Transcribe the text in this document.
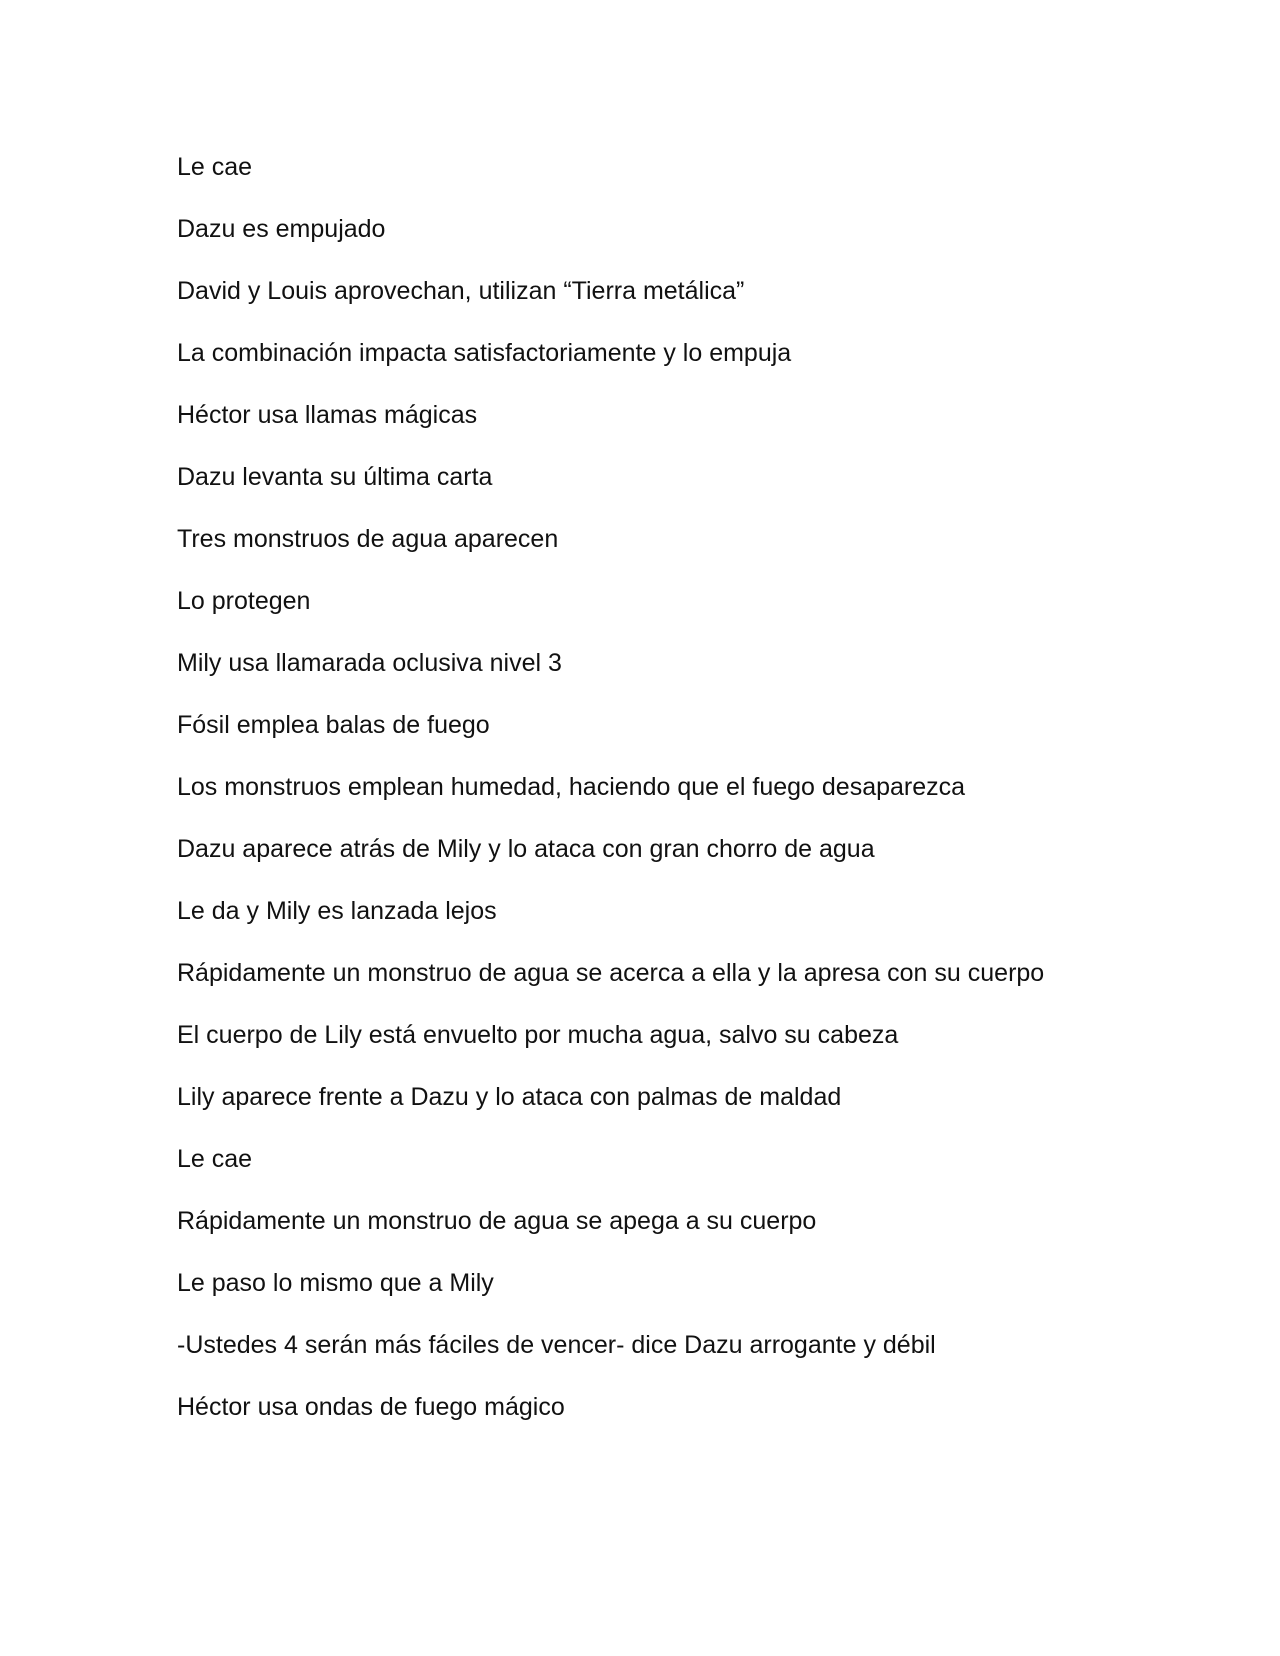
Le cae

Dazu es empujado

David y Louis aprovechan, utilizan “Tierra metálica”

La combinación impacta satisfactoriamente y lo empuja

Héctor usa llamas mágicas

Dazu levanta su última carta

Tres monstruos de agua aparecen

Lo protegen

Mily usa llamarada oclusiva nivel 3

Fósil emplea balas de fuego

Los monstruos emplean humedad, haciendo que el fuego desaparezca

Dazu aparece atrás de Mily y lo ataca con gran chorro de agua

Le da y Mily es lanzada lejos

Rápidamente un monstruo de agua se acerca a ella y la apresa con su cuerpo

El cuerpo de Lily está envuelto por mucha agua, salvo su cabeza

Lily aparece frente a Dazu y lo ataca con palmas de maldad

Le cae

Rápidamente un monstruo de agua se apega a su cuerpo

Le paso lo mismo que a Mily

-Ustedes 4 serán más fáciles de vencer- dice Dazu arrogante y débil

Héctor usa ondas de fuego mágico
